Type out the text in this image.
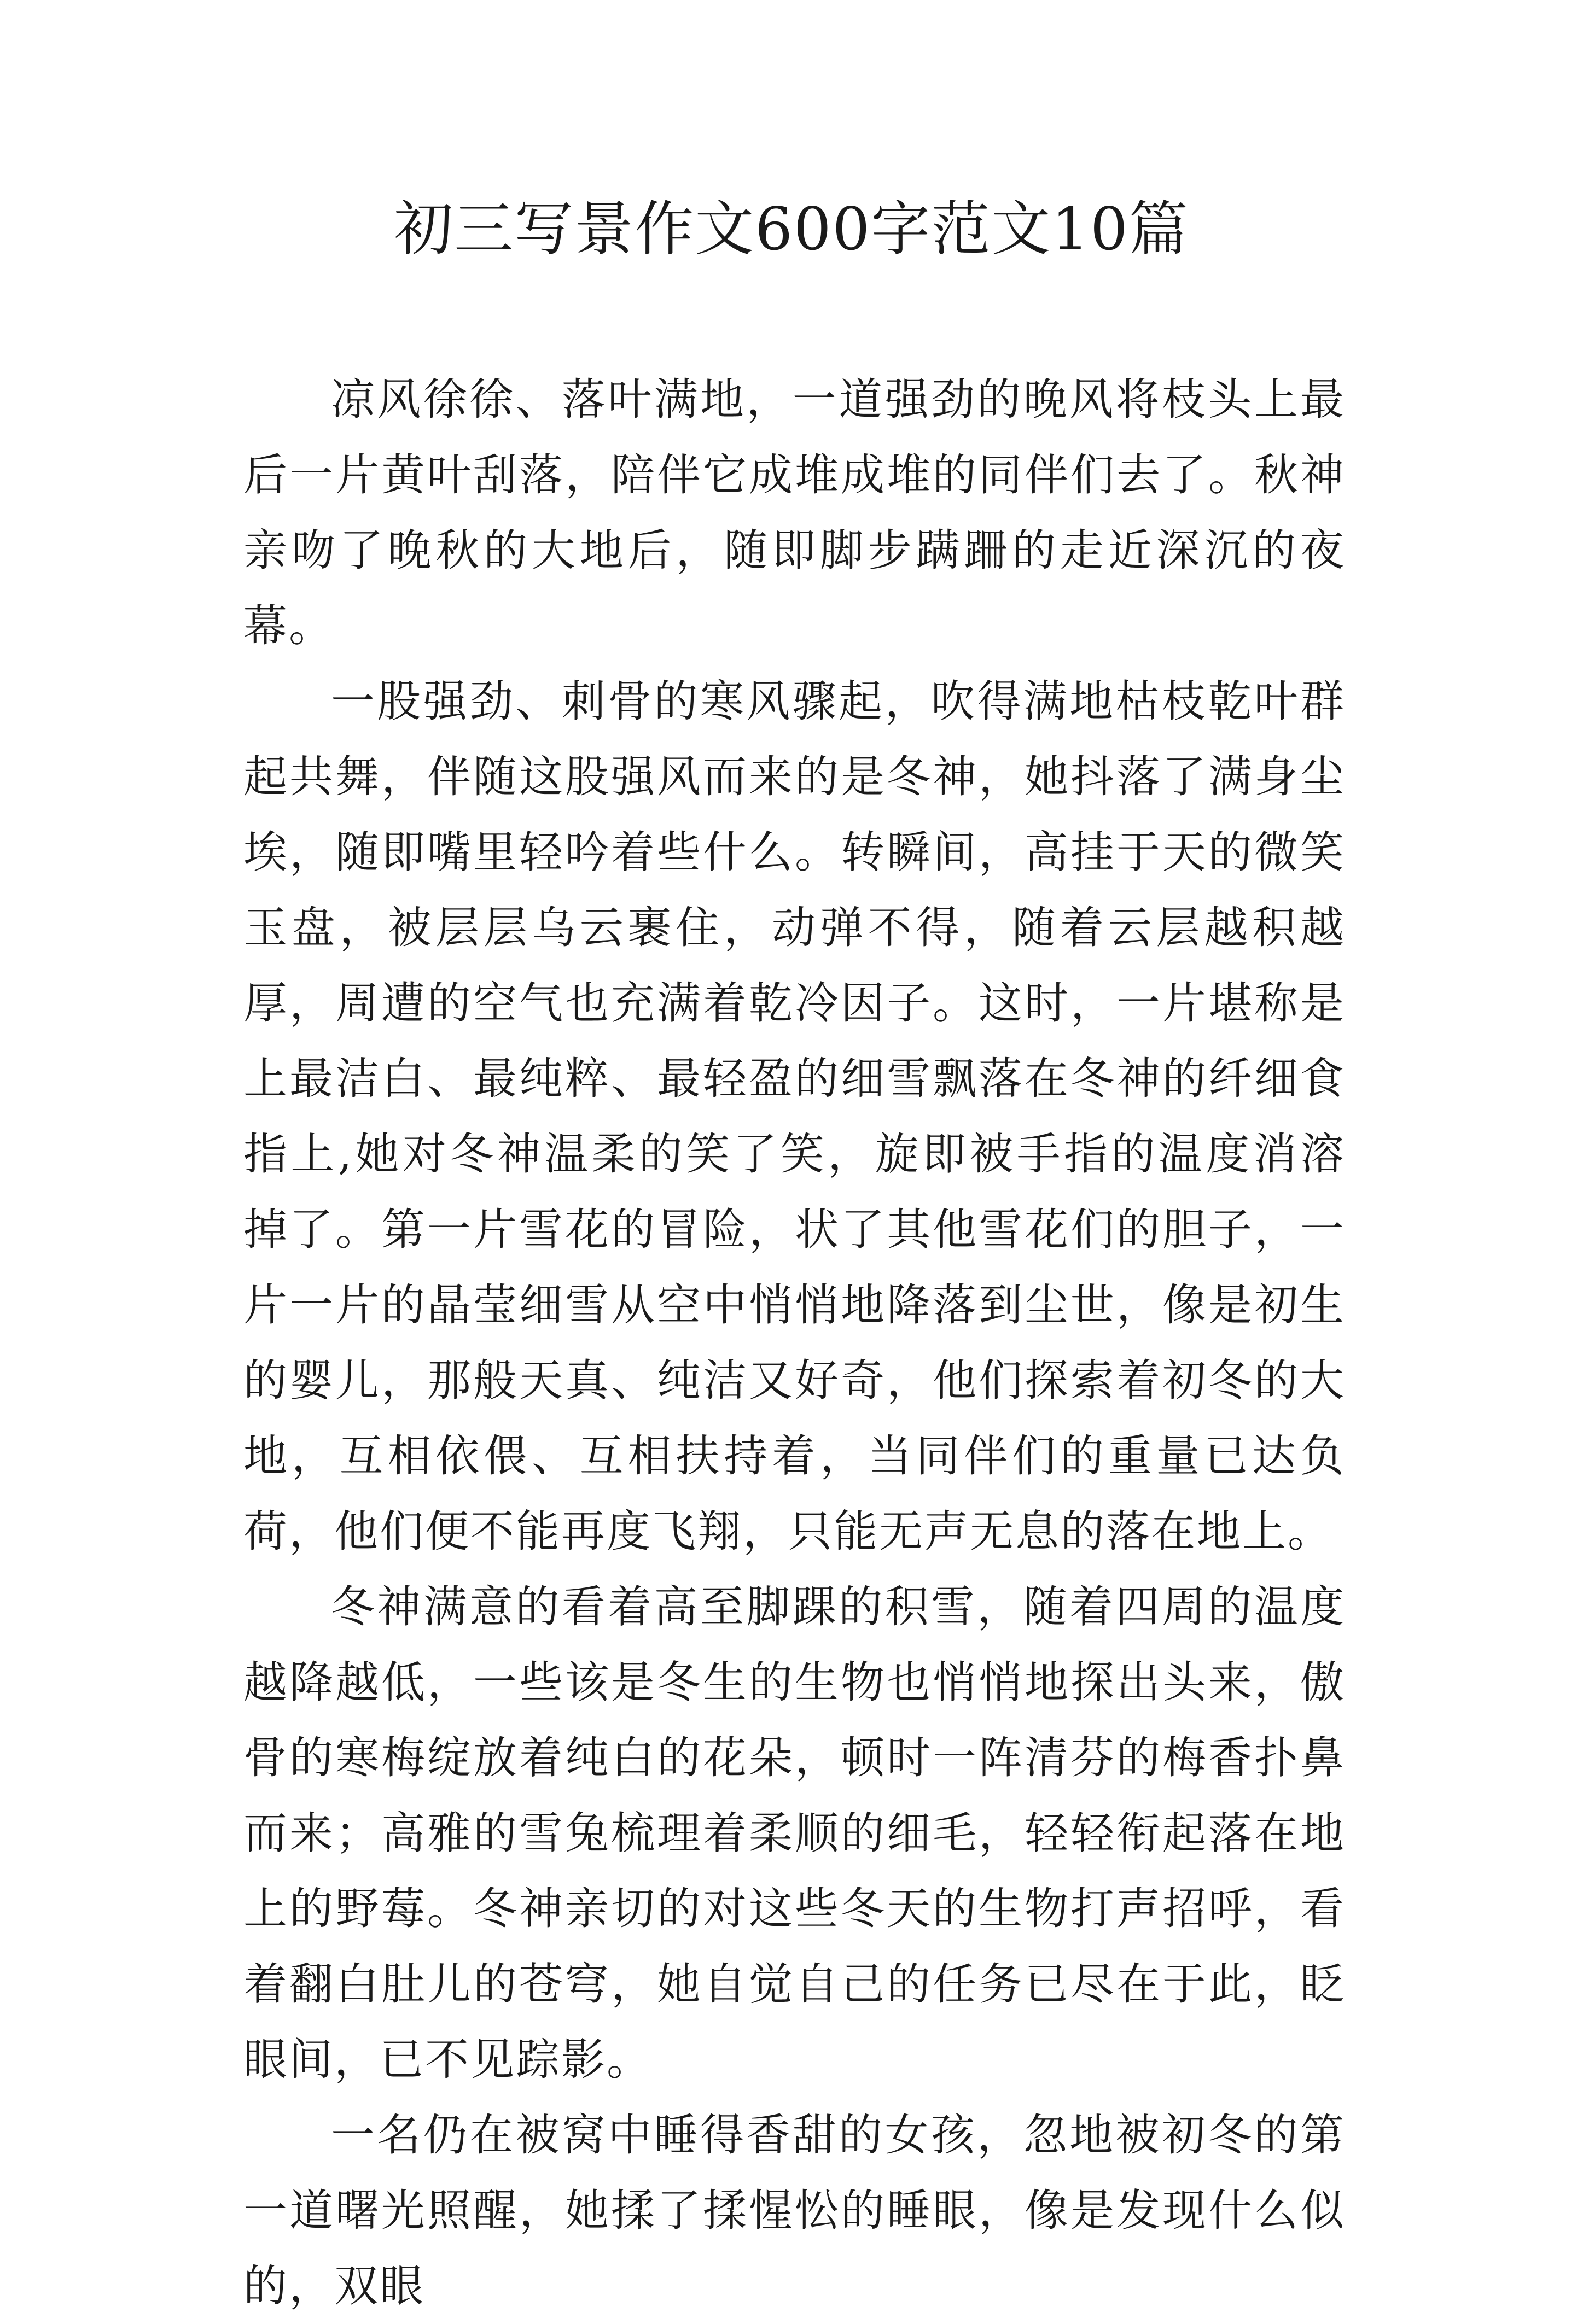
初三写景作文600字范文10篇

凉风徐徐、落叶满地，一道强劲的晚风将枝头上最后一片黄叶刮落，陪伴它成堆成堆的同伴们去了。秋神亲吻了晚秋的大地后，随即脚步蹒跚的走近深沉的夜幕。

一股强劲、刺骨的寒风骤起，吹得满地枯枝乾叶群起共舞，伴随这股强风而来的是冬神，她抖落了满身尘埃，随即嘴里轻吟着些什么。转瞬间，高挂于天的微笑玉盘，被层层乌云裹住，动弹不得，随着云层越积越厚，周遭的空气也充满着乾冷因子。这时，一片堪称是上最洁白、最纯粹、最轻盈的细雪飘落在冬神的纤细食指上,她对冬神温柔的笑了笑，旋即被手指的温度消溶掉了。第一片雪花的冒险，状了其他雪花们的胆子，一片一片的晶莹细雪从空中悄悄地降落到尘世，像是初生的婴儿，那般天真、纯洁又好奇，他们探索着初冬的大地，互相依偎、互相扶持着，当同伴们的重量已达负荷，他们便不能再度飞翔，只能无声无息的落在地上。

冬神满意的看着高至脚踝的积雪，随着四周的温度越降越低，一些该是冬生的生物也悄悄地探出头来，傲骨的寒梅绽放着纯白的花朵，顿时一阵清芬的梅香扑鼻而来；高雅的雪兔梳理着柔顺的细毛，轻轻衔起落在地上的野莓。冬神亲切的对这些冬天的生物打声招呼，看着翻白肚儿的苍穹，她自觉自己的任务已尽在于此，眨眼间，已不见踪影。

一名仍在被窝中睡得香甜的女孩，忽地被初冬的第一道曙光照醒，她揉了揉惺忪的睡眼，像是发现什么似的，双眼
